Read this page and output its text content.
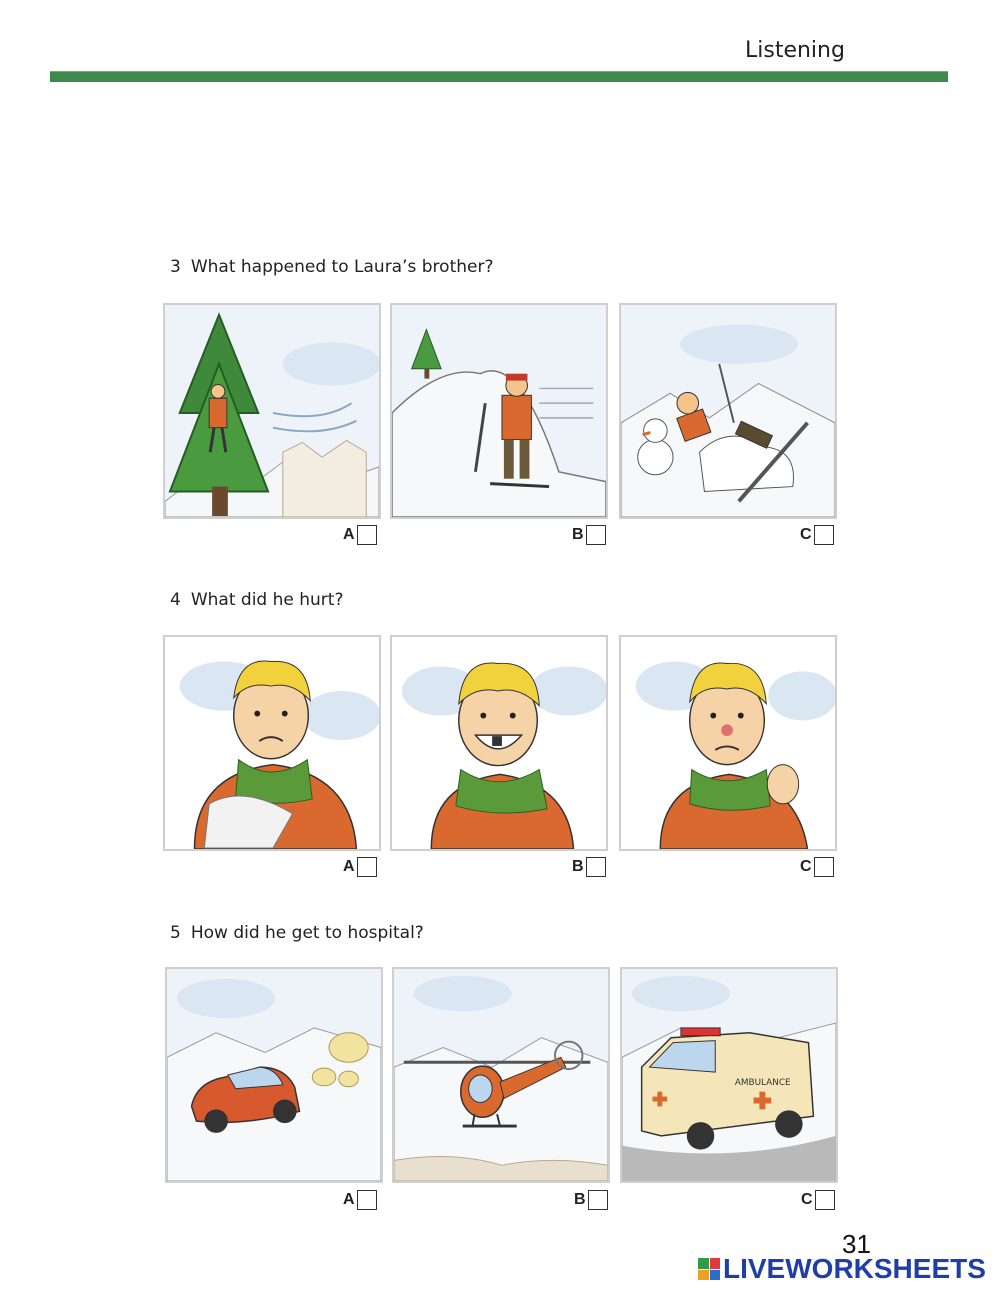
Listening
3 What happened to Laura’s brother?
A	B	C
4 What did he hurt?
A	B	C
5 How did he get to hospital?
A	B
AMBULANCE
C
31
LIVEWORKSHEETS
